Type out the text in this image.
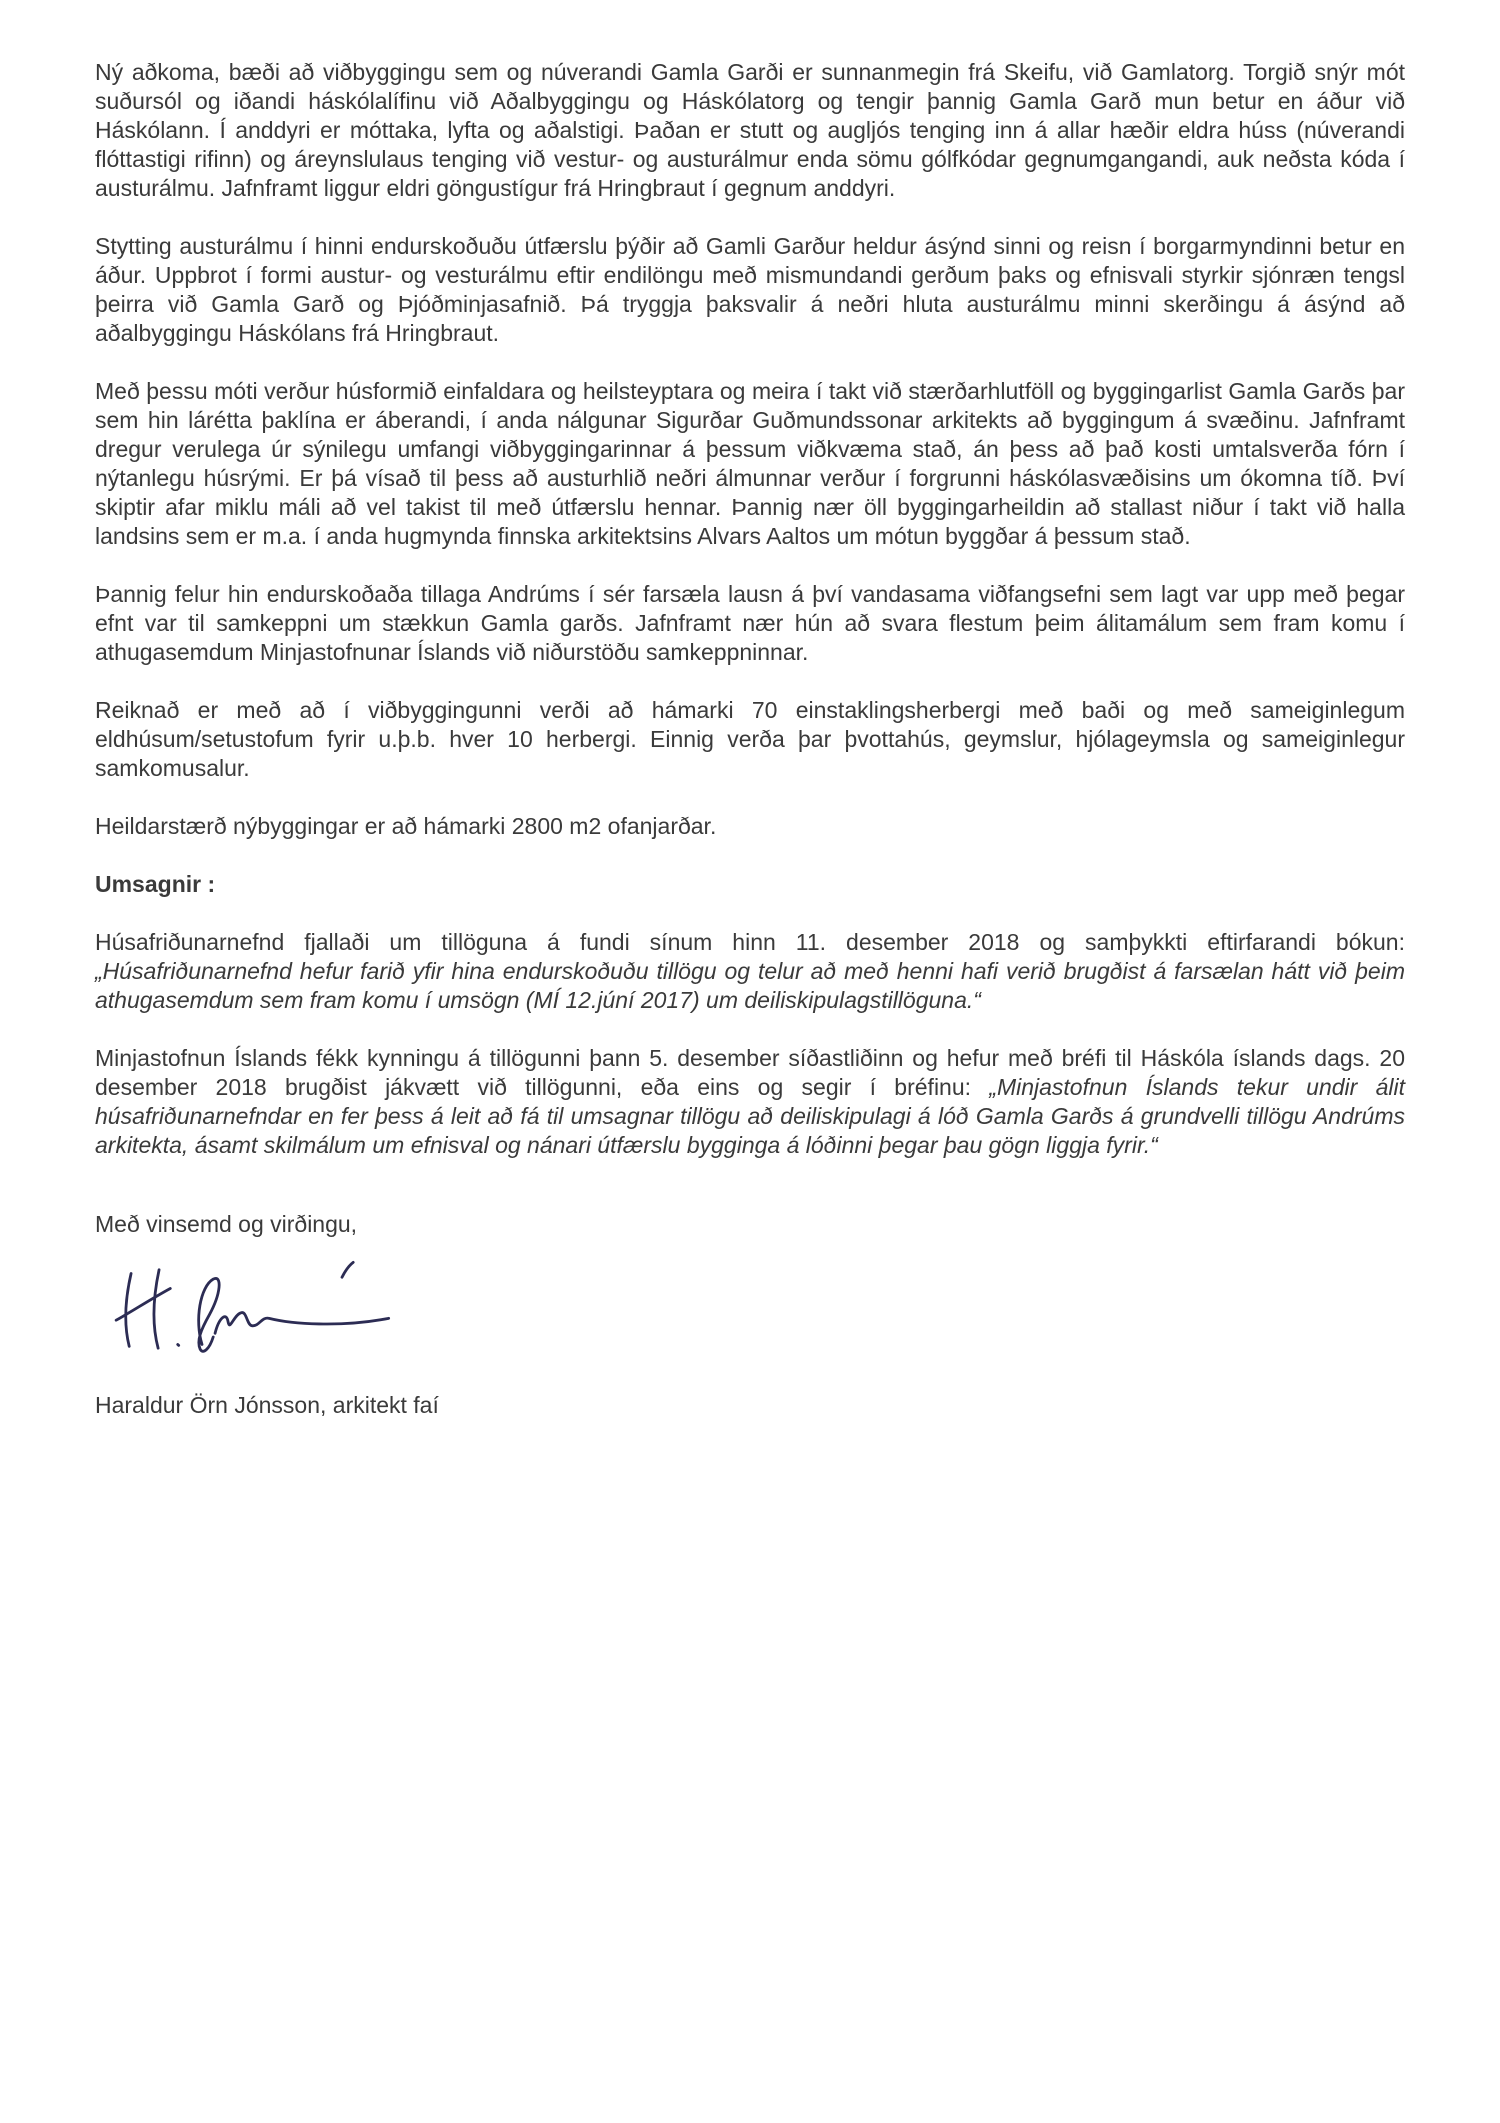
Ný aðkoma, bæði að viðbyggingu sem og núverandi Gamla Garði er sunnanmegin frá Skeifu, við Gamlatorg. Torgið snýr mót suðursól og iðandi háskólalífinu við Aðalbyggingu og Háskólatorg og tengir þannig Gamla Garð mun betur en áður við Háskólann. Í anddyri er móttaka, lyfta og aðalstigi. Þaðan er stutt og augljós tenging inn á allar hæðir eldra húss (núverandi flóttastigi rifinn) og áreynslulaus tenging við vestur- og austurálmur enda sömu gólfkódar gegnumgangandi, auk neðsta kóda í austurálmu. Jafnframt liggur eldri göngustígur frá Hringbraut í gegnum anddyri.

Stytting austurálmu í hinni endurskoðuðu útfærslu þýðir að Gamli Garður heldur ásýnd sinni og reisn í borgarmyndinni betur en áður. Uppbrot í formi austur- og vesturálmu eftir endilöngu með mismundandi gerðum þaks og efnisvali styrkir sjónræn tengsl þeirra við Gamla Garð og Þjóðminjasafnið. Þá tryggja þaksvalir á neðri hluta austurálmu minni skerðingu á ásýnd að aðalbyggingu Háskólans frá Hringbraut.

Með þessu móti verður húsformið einfaldara og heilsteyptara og meira í takt við stærðarhlutföll og byggingarlist Gamla Garðs þar sem hin lárétta þaklína er áberandi, í anda nálgunar Sigurðar Guðmundssonar arkitekts að byggingum á svæðinu. Jafnframt dregur verulega úr sýnilegu umfangi viðbyggingarinnar á þessum viðkvæma stað, án þess að það kosti umtalsverða fórn í nýtanlegu húsrými. Er þá vísað til þess að austurhlið neðri álmunnar verður í forgrunni háskólasvæðisins um ókomna tíð. Því skiptir afar miklu máli að vel takist til með útfærslu hennar. Þannig nær öll byggingarheildin að stallast niður í takt við halla landsins sem er m.a. í anda hugmynda finnska arkitektsins Alvars Aaltos um mótun byggðar á þessum stað.

Þannig felur hin endurskoðaða tillaga Andrúms í sér farsæla lausn á því vandasama viðfangsefni sem lagt var upp með þegar efnt var til samkeppni um stækkun Gamla garðs. Jafnframt nær hún að svara flestum þeim álitamálum sem fram komu í athugasemdum Minjastofnunar Íslands við niðurstöðu samkeppninnar.

Reiknað er með að í viðbyggingunni verði að hámarki 70 einstaklingsherbergi með baði og með sameiginlegum eldhúsum/setustofum fyrir u.þ.b. hver 10 herbergi. Einnig verða þar þvottahús, geymslur, hjólageymsla og sameiginlegur samkomusalur.

Heildarstærð nýbyggingar er að hámarki 2800 m2 ofanjarðar.

Umsagnir :

Húsafriðunarnefnd fjallaði um tillöguna á fundi sínum hinn 11. desember 2018 og samþykkti eftirfarandi bókun: „Húsafriðunarnefnd hefur farið yfir hina endurskoðuðu tillögu og telur að með henni hafi verið brugðist á farsælan hátt við þeim athugasemdum sem fram komu í umsögn (MÍ 12.júní 2017) um deiliskipulagstillöguna.“

Minjastofnun Íslands fékk kynningu á tillögunni þann 5. desember síðastliðinn og hefur með bréfi til Háskóla íslands dags. 20 desember 2018 brugðist jákvætt við tillögunni, eða eins og segir í bréfinu: „Minjastofnun Íslands tekur undir álit húsafriðunarnefndar en fer þess á leit að fá til umsagnar tillögu að deiliskipulagi á lóð Gamla Garðs á grundvelli tillögu Andrúms arkitekta, ásamt skilmálum um efnisval og nánari útfærslu bygginga á lóðinni þegar þau gögn liggja fyrir.“

Með vinsemd og virðingu,

Haraldur Örn Jónsson, arkitekt faí
